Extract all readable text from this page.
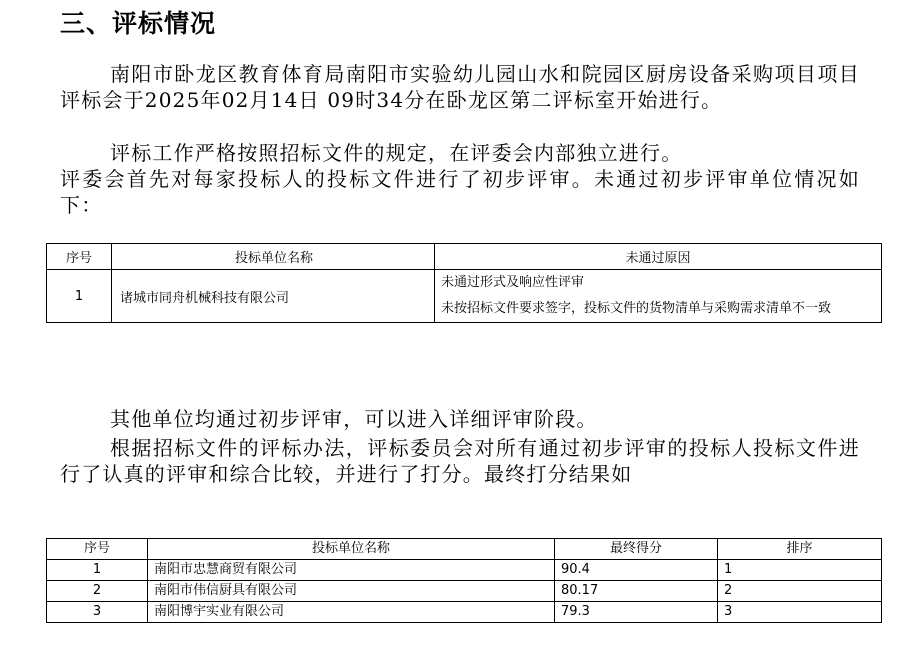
三、评标情况
南阳市卧龙区教育体育局南阳市实验幼儿园山水和院园区厨房设备采购项目项目评标会于2025年02月14日 09时34分在卧龙区第二评标室开始进行。
评标工作严格按照招标文件的规定，在评委会内部独立进行。
评委会首先对每家投标人的投标文件进行了初步评审。未通过初步评审单位情况如下：
序号	投标单位名称	未通过原因
1	诸城市同舟机械科技有限公司	未通过形式及响应性评审
未按招标文件要求签字，投标文件的货物清单与采购需求清单不一致
其他单位均通过初步评审，可以进入详细评审阶段。
根据招标文件的评标办法，评标委员会对所有通过初步评审的投标人投标文件进行了认真的评审和综合比较，并进行了打分。最终打分结果如
序号	投标单位名称	最终得分	排序
1	南阳市忠慧商贸有限公司	90.4	1
2	南阳市伟信厨具有限公司	80.17	2
3	南阳博宇实业有限公司	79.3	3
